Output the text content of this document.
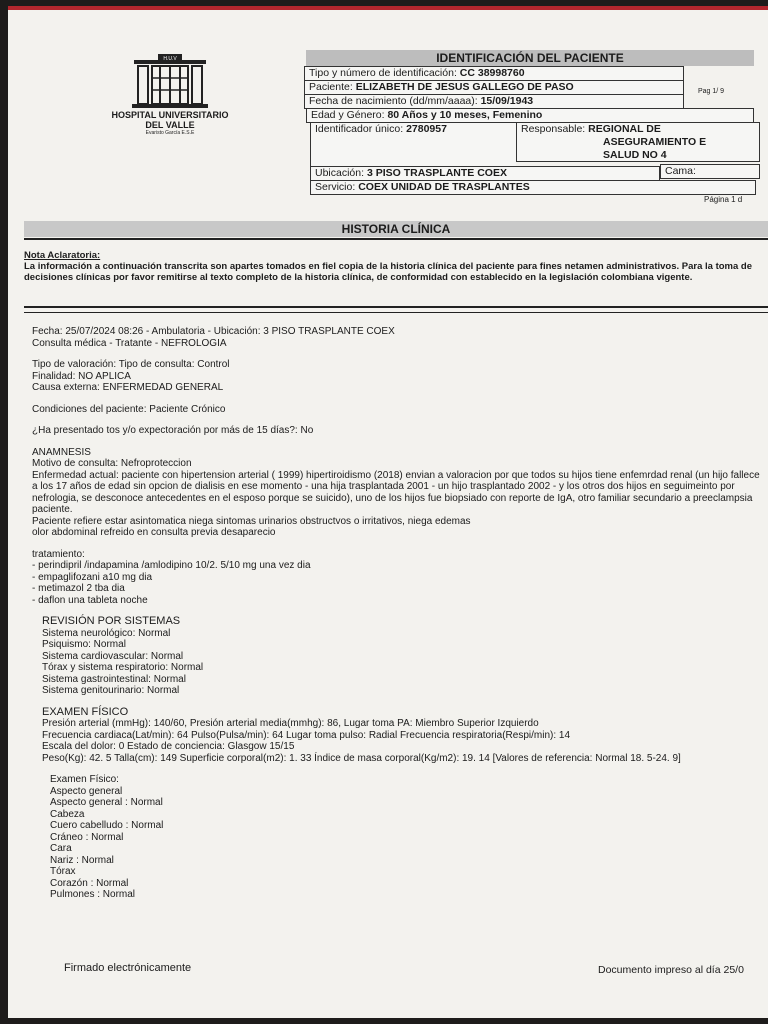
H.U.V
HOSPITAL UNIVERSITARIO
DEL VALLE
Evaristo García E.S.E
IDENTIFICACIÓN DEL PACIENTE
Tipo y número de identificación: CC 38998760
Pag 1/ 9
Paciente: ELIZABETH DE JESUS GALLEGO DE PASO
Fecha de nacimiento (dd/mm/aaaa): 15/09/1943
Edad y Género: 80 Años y 10 meses, Femenino
Identificador único: 2780957	Responsable: REGIONAL DE
ASEGURAMIENTO E
SALUD NO 4
Ubicación: 3 PISO TRASPLANTE COEX	Cama:
Servicio: COEX UNIDAD DE TRASPLANTES
Página 1 d
HISTORIA CLÍNICA
Nota Aclaratoria:
La información a continuación transcrita son apartes tomados en fiel copia de la historia clínica del paciente para fines netamen administrativos. Para la toma de decisiones clínicas por favor remitirse al texto completo de la historia clínica, de conformidad con establecido en la legislación colombiana vigente.

Fecha: 25/07/2024 08:26 - Ambulatoria - Ubicación: 3 PISO TRASPLANTE COEX

Consulta médica - Tratante - NEFROLOGIA

Tipo de valoración: Tipo de consulta: Control

Finalidad: NO APLICA

Causa externa: ENFERMEDAD GENERAL

Condiciones del paciente: Paciente Crónico

¿Ha presentado tos y/o expectoración por más de 15 días?: No

ANAMNESIS

Motivo de consulta: Nefroproteccion

Enfermedad actual: paciente con hipertension arterial ( 1999) hipertiroidismo (2018) envian a valoracion por que todos su hijos tiene enfemrdad renal (un hijo fallece a los 17 años de edad sin opcion de dialisis en ese momento - una hija trasplantada 2001 - un hijo trasplantado 2002 - y los otros dos hijos en seguimeinto por nefrologia, se desconoce antecedentes en el esposo porque se suicido), uno de los hijos fue biopsiado con reporte de IgA, otro familiar secundario a preeclampsia paciente.

Paciente refiere estar asintomatica niega sintomas urinarios obstructvos o irritativos, niega edemas

olor abdominal refreido en consulta previa desaparecio

tratamiento:

- perindipril /indapamina /amlodipino 10/2. 5/10 mg una vez dia

- empaglifozani a10 mg dia

- metimazol 2 tba dia

- daflon una tableta noche

REVISIÓN POR SISTEMAS

Sistema neurológico: Normal

Psiquismo: Normal

Sistema cardiovascular: Normal

Tórax y sistema respiratorio: Normal

Sistema gastrointestinal: Normal

Sistema genitourinario: Normal

EXAMEN FÍSICO

Presión arterial (mmHg): 140/60, Presión arterial media(mmhg): 86, Lugar toma PA: Miembro Superior Izquierdo

Frecuencia cardiaca(Lat/min): 64 Pulso(Pulsa/min): 64 Lugar toma pulso: Radial Frecuencia respiratoria(Respi/min): 14

Escala del dolor: 0 Estado de conciencia: Glasgow 15/15

Peso(Kg): 42. 5 Talla(cm): 149 Superficie corporal(m2): 1. 33 Índice de masa corporal(Kg/m2): 19. 14 [Valores de referencia: Normal 18. 5-24. 9]

Examen Físico:

Aspecto general

Aspecto general : Normal

Cabeza

Cuero cabelludo : Normal

Cráneo : Normal

Cara

Nariz : Normal

Tórax

Corazón : Normal

Pulmones : Normal

Firmado electrónicamente	Documento impreso al día 25/0
